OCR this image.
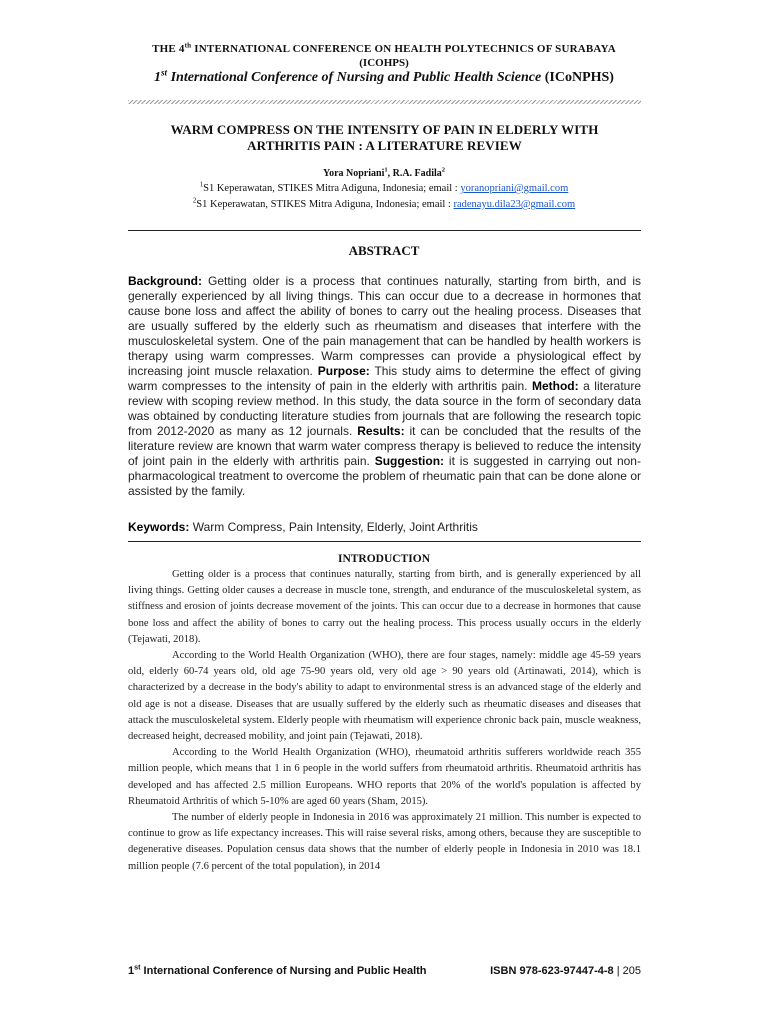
THE 4th INTERNATIONAL CONFERENCE ON HEALTH POLYTECHNICS OF SURABAYA
(ICOHPS)
1st International Conference of Nursing and Public Health Science (ICoNPHS)
WARM COMPRESS ON THE INTENSITY OF PAIN IN ELDERLY WITH
ARTHRITIS PAIN : A LITERATURE REVIEW
Yora Nopriani$^1$, R.A. Fadila$^2$
$^1$S1 Keperawatan, STIKES Mitra Adiguna, Indonesia; email : yoranopriani@gmail.com
$^2$S1 Keperawatan, STIKES Mitra Adiguna, Indonesia; email : radenayu.dila23@gmail.com
ABSTRACT
Background: Getting older is a process that continues naturally, starting from birth, and is generally experienced by all living things. This can occur due to a decrease in hormones that cause bone loss and affect the ability of bones to carry out the healing process. Diseases that are usually suffered by the elderly such as rheumatism and diseases that interfere with the musculoskeletal system. One of the pain management that can be handled by health workers is therapy using warm compresses. Warm compresses can provide a physiological effect by increasing joint muscle relaxation. Purpose: This study aims to determine the effect of giving warm compresses to the intensity of pain in the elderly with arthritis pain. Method: a literature review with scoping review method. In this study, the data source in the form of secondary data was obtained by conducting literature studies from journals that are following the research topic from 2012-2020 as many as 12 journals. Results: it can be concluded that the results of the literature review are known that warm water compress therapy is believed to reduce the intensity of joint pain in the elderly with arthritis pain. Suggestion: it is suggested in carrying out non-pharmacological treatment to overcome the problem of rheumatic pain that can be done alone or assisted by the family.
Keywords: Warm Compress, Pain Intensity, Elderly, Joint Arthritis
INTRODUCTION

Getting older is a process that continues naturally, starting from birth, and is generally experienced by all living things. Getting older causes a decrease in muscle tone, strength, and endurance of the musculoskeletal system, as stiffness and erosion of joints decrease movement of the joints. This can occur due to a decrease in hormones that cause bone loss and affect the ability of bones to carry out the healing process. This process usually occurs in the elderly (Tejawati, 2018).

According to the World Health Organization (WHO), there are four stages, namely: middle age 45-59 years old, elderly 60-74 years old, old age 75-90 years old, very old age > 90 years old (Artinawati, 2014), which is characterized by a decrease in the body's ability to adapt to environmental stress is an advanced stage of the elderly and old age is not a disease. Diseases that are usually suffered by the elderly such as rheumatic diseases and diseases that attack the musculoskeletal system. Elderly people with rheumatism will experience chronic back pain, muscle weakness, decreased height, decreased mobility, and joint pain (Tejawati, 2018).

According to the World Health Organization (WHO), rheumatoid arthritis sufferers worldwide reach 355 million people, which means that 1 in 6 people in the world suffers from rheumatoid arthritis. Rheumatoid arthritis has developed and has affected 2.5 million Europeans. WHO reports that 20% of the world's population is affected by Rheumatoid Arthritis of which 5-10% are aged 60 years (Sham, 2015).

The number of elderly people in Indonesia in 2016 was approximately 21 million. This number is expected to continue to grow as life expectancy increases. This will raise several risks, among others, because they are susceptible to degenerative diseases. Population census data shows that the number of elderly people in Indonesia in 2010 was 18.1 million people (7.6 percent of the total population), in 2014

1st International Conference of Nursing and Public Health	ISBN 978-623-97447-4-8 | 205
